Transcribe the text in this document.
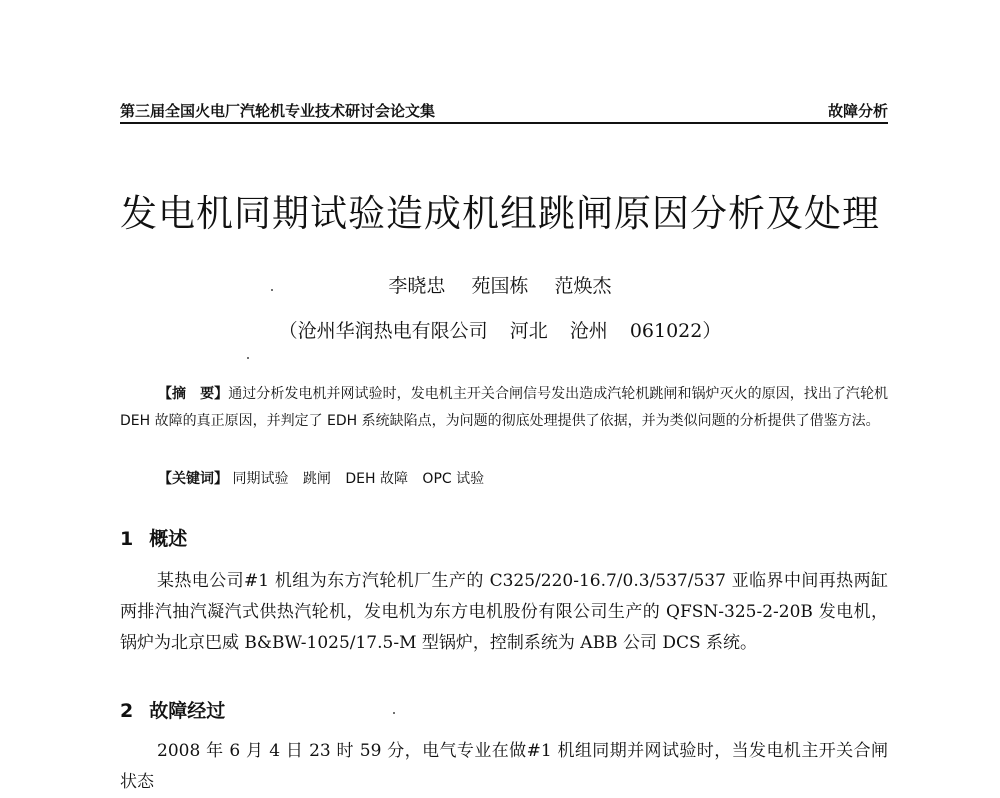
第三届全国火电厂汽轮机专业技术研讨会论文集	故障分析
发电机同期试验造成机组跳闸原因分析及处理
李晓忠 苑国栋 范焕杰
（沧州华润热电有限公司 河北 沧州 061022）
【摘　要】通过分析发电机并网试验时，发电机主开关合闸信号发出造成汽轮机跳闸和锅炉灭火的原因，找出了汽轮机 DEH 故障的真正原因，并判定了 EDH 系统缺陷点，为问题的彻底处理提供了依据，并为类似问题的分析提供了借鉴方法。
【关键词】 同期试验 跳闸 DEH 故障 OPC 试验
1 概述
某热电公司#1 机组为东方汽轮机厂生产的 C325/220-16.7/0.3/537/537 亚临界中间再热两缸两排汽抽汽凝汽式供热汽轮机，发电机为东方电机股份有限公司生产的 QFSN-325-2-20B 发电机，锅炉为北京巴威 B&BW-1025/17.5-M 型锅炉，控制系统为 ABB 公司 DCS 系统。
2 故障经过
2008 年 6 月 4 日 23 时 59 分，电气专业在做#1 机组同期并网试验时，当发电机主开关合闸状态
